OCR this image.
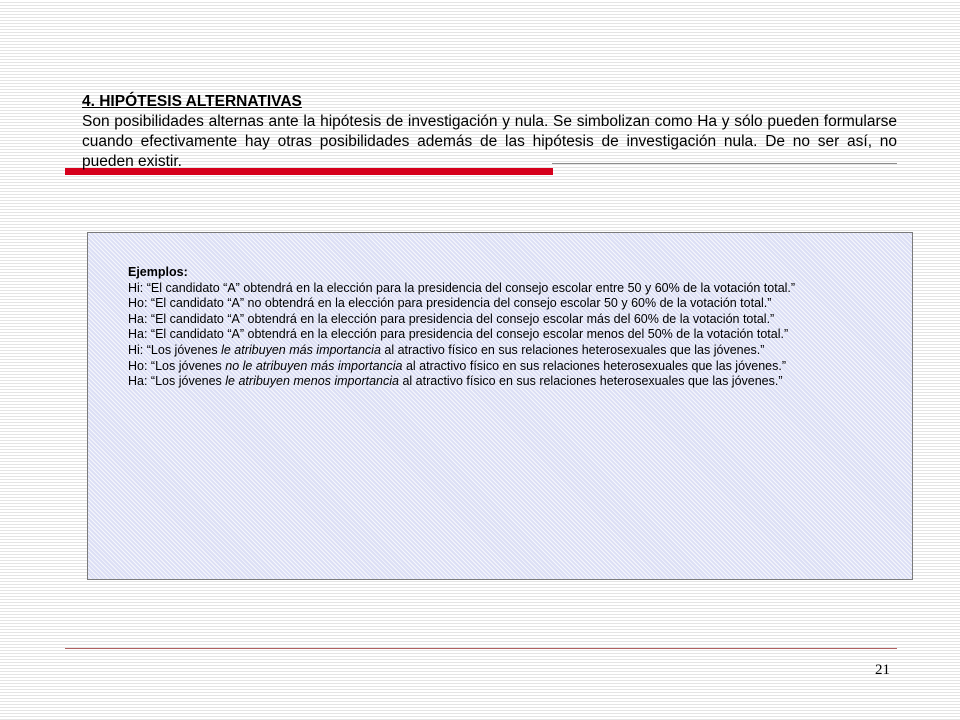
4. HIPÓTESIS ALTERNATIVAS

Son posibilidades alternas ante la hipótesis de investigación y nula. Se simbolizan como Ha y sólo pueden formularse cuando efectivamente hay otras posibilidades además de las hipótesis de investigación nula. De no ser así, no pueden existir.

Ejemplos:

Hi: “El candidato “A” obtendrá en la elección para la presidencia del consejo escolar entre 50 y 60% de la votación total.”

Ho: “El candidato “A” no obtendrá en la elección para presidencia del consejo escolar 50 y 60% de la votación total.”

Ha: “El candidato “A” obtendrá en la elección para presidencia del consejo escolar más del 60% de la votación total.”

Ha: “El candidato “A” obtendrá en la elección para presidencia del consejo escolar menos del 50% de la votación total.”

Hi: “Los jóvenes le atribuyen más importancia al atractivo físico en sus relaciones heterosexuales que las jóvenes.”

Ho: “Los jóvenes no le atribuyen más importancia al atractivo físico en sus relaciones heterosexuales que las jóvenes.”

Ha: “Los jóvenes le atribuyen menos importancia al atractivo físico en sus relaciones heterosexuales que las jóvenes.”

21
